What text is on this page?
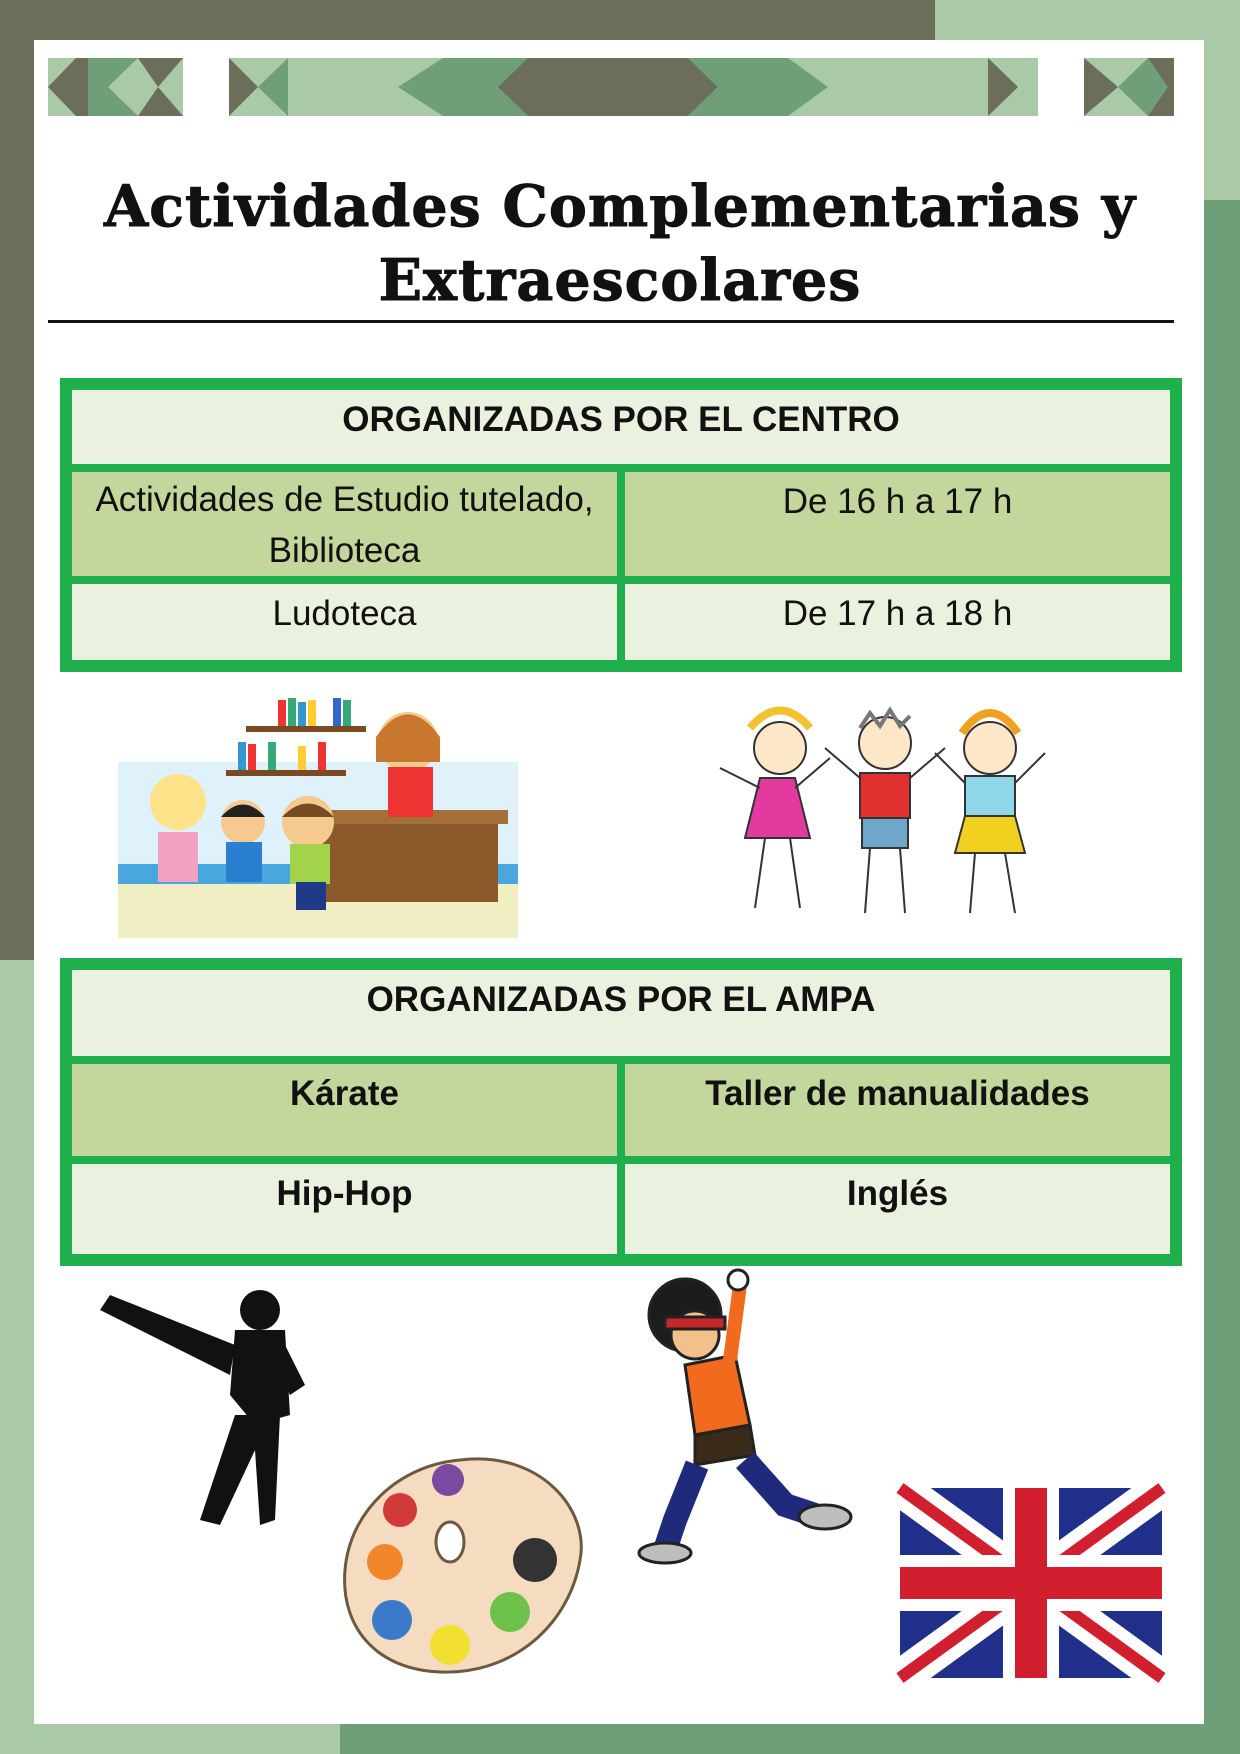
Actividades Complementarias y Extraescolares
ORGANIZADAS POR EL CENTRO	
Actividades de Estudio tutelado, Biblioteca	De 16 h a 17 h
Ludoteca	De 17 h a 18 h
ORGANIZADAS POR EL AMPA	
Kárate	Taller de manualidades
Hip-Hop	Inglés
